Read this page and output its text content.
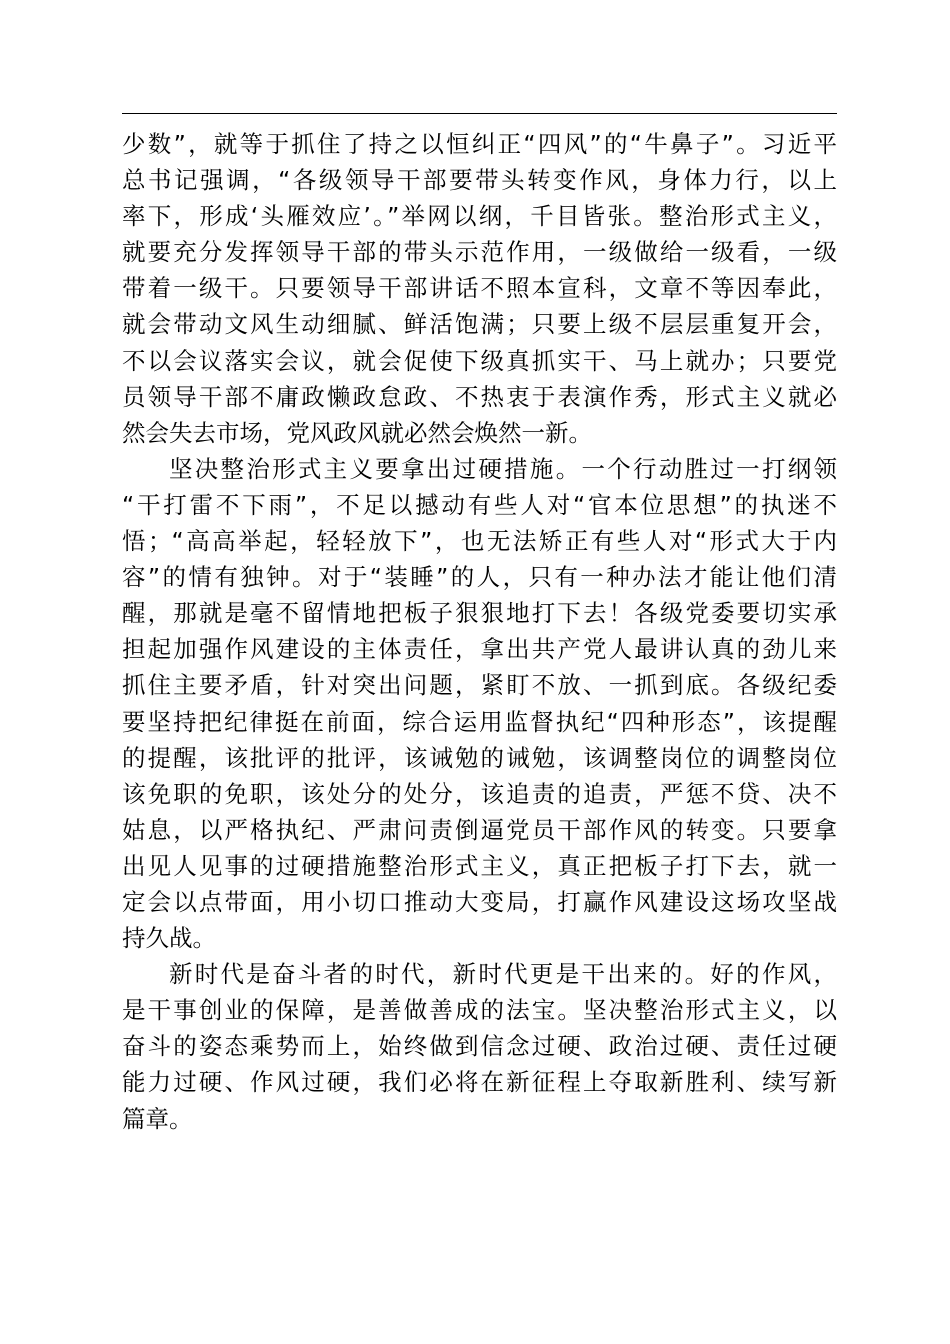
少数”，就等于抓住了持之以恒纠正“四风”的“牛鼻子”。习近平
总书记强调，“各级领导干部要带头转变作风，身体力行，以上
率下，形成‘头雁效应’。”举网以纲，千目皆张。整治形式主义，
就要充分发挥领导干部的带头示范作用，一级做给一级看，一级
带着一级干。只要领导干部讲话不照本宣科，文章不等因奉此，
就会带动文风生动细腻、鲜活饱满；只要上级不层层重复开会，
不以会议落实会议，就会促使下级真抓实干、马上就办；只要党
员领导干部不庸政懒政怠政、不热衷于表演作秀，形式主义就必
然会失去市场，党风政风就必然会焕然一新。
坚决整治形式主义要拿出过硬措施。一个行动胜过一打纲领
“干打雷不下雨”，不足以撼动有些人对“官本位思想”的执迷不
悟；“高高举起，轻轻放下”，也无法矫正有些人对“形式大于内
容”的情有独钟。对于“装睡”的人，只有一种办法才能让他们清
醒，那就是毫不留情地把板子狠狠地打下去！各级党委要切实承
担起加强作风建设的主体责任，拿出共产党人最讲认真的劲儿来
抓住主要矛盾，针对突出问题，紧盯不放、一抓到底。各级纪委
要坚持把纪律挺在前面，综合运用监督执纪“四种形态”，该提醒
的提醒，该批评的批评，该诫勉的诫勉，该调整岗位的调整岗位
该免职的免职，该处分的处分，该追责的追责，严惩不贷、决不
姑息，以严格执纪、严肃问责倒逼党员干部作风的转变。只要拿
出见人见事的过硬措施整治形式主义，真正把板子打下去，就一
定会以点带面，用小切口推动大变局，打赢作风建设这场攻坚战
持久战。
新时代是奋斗者的时代，新时代更是干出来的。好的作风，
是干事创业的保障，是善做善成的法宝。坚决整治形式主义，以
奋斗的姿态乘势而上，始终做到信念过硬、政治过硬、责任过硬
能力过硬、作风过硬，我们必将在新征程上夺取新胜利、续写新
篇章。
